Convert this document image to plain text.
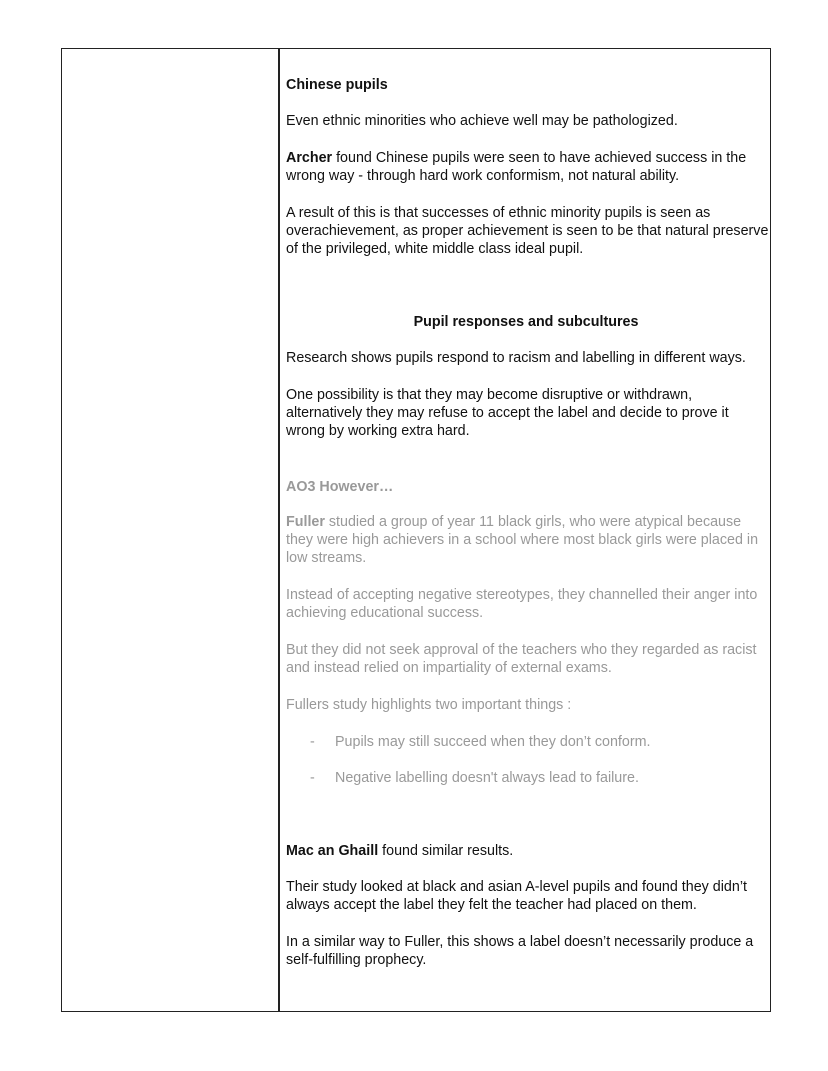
Chinese pupils

Even ethnic minorities who achieve well may be pathologized.

Archer found Chinese pupils were seen to have achieved success in the wrong way - through hard work conformism, not natural ability.

A result of this is that successes of ethnic minority pupils is seen as overachievement, as proper achievement is seen to be that natural preserve of the privileged, white middle class ideal pupil.

Pupil responses and subcultures

Research shows pupils respond to racism and labelling in different ways.

One possibility is that they may become disruptive or withdrawn, alternatively they may refuse to accept the label and decide to prove it wrong by working extra hard.

AO3 However…

Fuller studied a group of year 11 black girls, who were atypical because they were high achievers in a school where most black girls were placed in low streams.

Instead of accepting negative stereotypes, they channelled their anger into achieving educational success.

But they did not seek approval of the teachers who they regarded as racist and instead relied on impartiality of external exams.

Fullers study highlights two important things :

- Pupils may still succeed when they don’t conform.
- Negative labelling doesn't always lead to failure.

Mac an Ghaill found similar results.

Their study looked at black and asian A-level pupils and found they didn’t always accept the label they felt the teacher had placed on them.

In a similar way to Fuller, this shows a label doesn’t necessarily produce a self-fulfilling prophecy.
